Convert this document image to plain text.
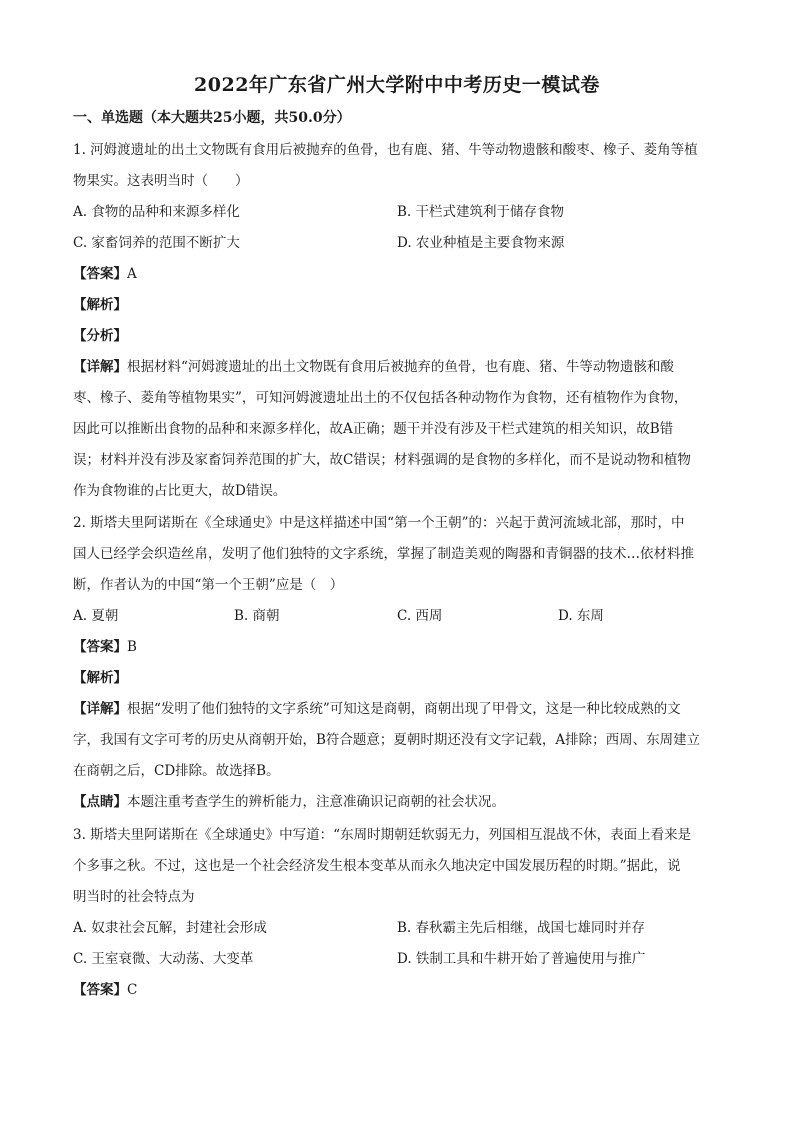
2022年广东省广州大学附中中考历史一模试卷
一、单选题（本大题共25小题，共50.0分）
1. 河姆渡遗址的出土文物既有食用后被抛弃的鱼骨，也有鹿、猪、牛等动物遗骸和酸枣、橡子、菱角等植
物果实。这表明当时（　　）
A. 食物的品种和来源多样化	B. 干栏式建筑利于储存食物
C. 家畜饲养的范围不断扩大	D. 农业种植是主要食物来源
【答案】A
【解析】
【分析】
【详解】根据材料“河姆渡遗址的出土文物既有食用后被抛弃的鱼骨，也有鹿、猪、牛等动物遗骸和酸
枣、橡子、菱角等植物果实”，可知河姆渡遗址出土的不仅包括各种动物作为食物，还有植物作为食物，
因此可以推断出食物的品种和来源多样化，故A正确；题干并没有涉及干栏式建筑的相关知识，故B错
误；材料并没有涉及家畜饲养范围的扩大，故C错误；材料强调的是食物的多样化，而不是说动物和植物
作为食物谁的占比更大，故D错误。
2. 斯塔夫里阿诺斯在《全球通史》中是这样描述中国“第一个王朝”的：兴起于黄河流域北部，那时，中
国人已经学会织造丝帛，发明了他们独特的文字系统，掌握了制造美观的陶器和青铜器的技术…依材料推
断，作者认为的中国“第一个王朝”应是（　）
A. 夏朝	B. 商朝	C. 西周	D. 东周
【答案】B
【解析】
【详解】根据“发明了他们独特的文字系统”可知这是商朝，商朝出现了甲骨文，这是一种比较成熟的文
字，我国有文字可考的历史从商朝开始，B符合题意；夏朝时期还没有文字记载，A排除；西周、东周建立
在商朝之后，CD排除。故选择B。
【点睛】本题注重考查学生的辨析能力，注意准确识记商朝的社会状况。
3. 斯塔夫里阿诺斯在《全球通史》中写道：“东周时期朝廷软弱无力，列国相互混战不休，表面上看来是
个多事之秋。不过，这也是一个社会经济发生根本变革从而永久地决定中国发展历程的时期。”据此，说
明当时的社会特点为
A. 奴隶社会瓦解，封建社会形成	B. 春秋霸主先后相继，战国七雄同时并存
C. 王室衰微、大动荡、大变革	D. 铁制工具和牛耕开始了普遍使用与推广
【答案】C
